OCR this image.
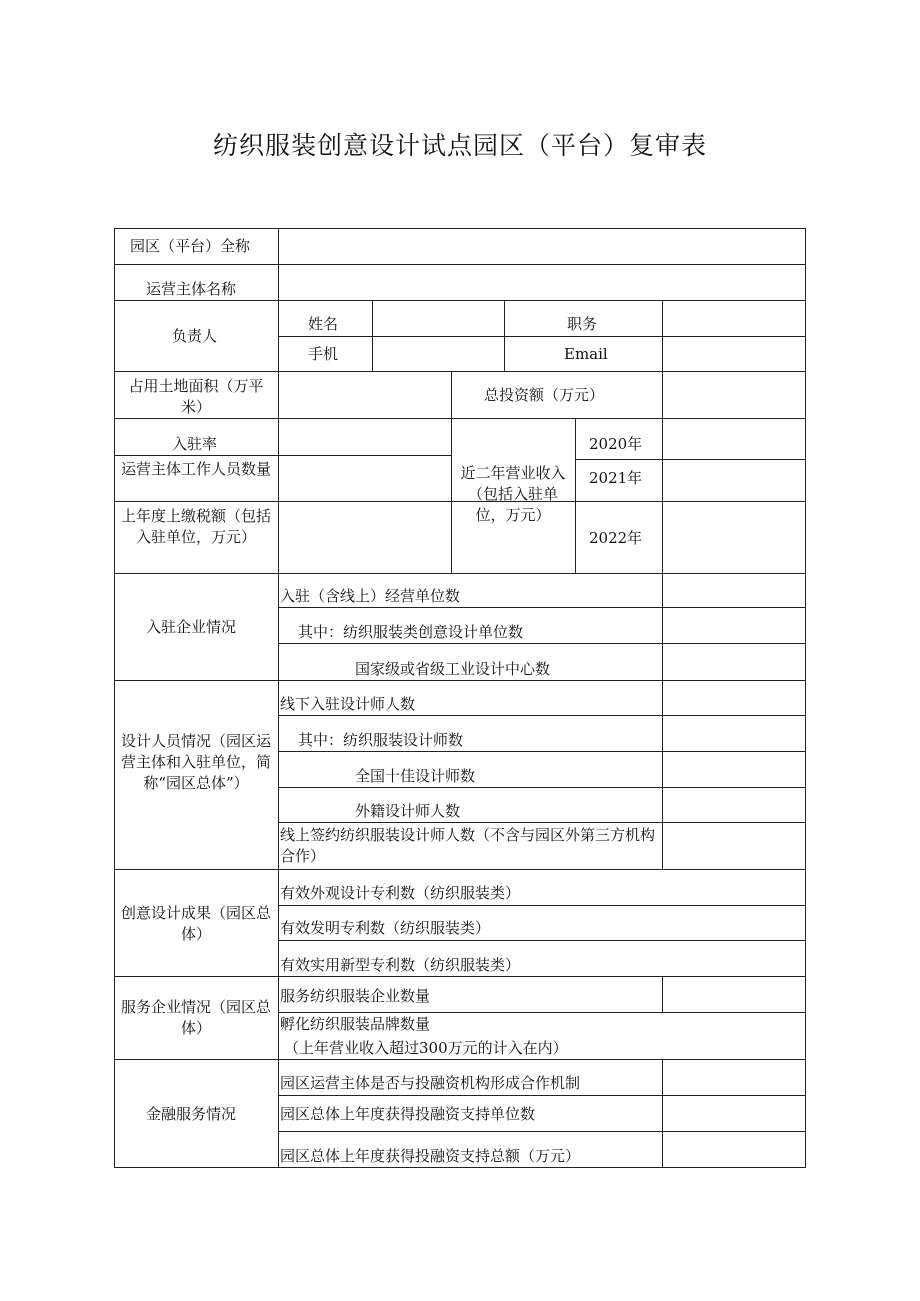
纺织服装创意设计试点园区（平台）复审表
园区（平台）全称
运营主体名称
负责人
姓名	职务
手机	Email
占用土地面积（万平米）
总投资额（万元）
入驻率
运营主体工作人员数量
上年度上缴税额（包括入驻单位，万元）
近二年营业收入（包括入驻单位，万元）
2020年
2021年
2022年
入驻企业情况
入驻（含线上）经营单位数
其中：纺织服装类创意设计单位数
国家级或省级工业设计中心数
设计人员情况（园区运营主体和入驻单位，简称“园区总体”）
线下入驻设计师人数
其中：纺织服装设计师数
全国十佳设计师数
外籍设计师人数
线上签约纺织服装设计师人数（不含与园区外第三方机构合作）
创意设计成果（园区总体）
有效外观设计专利数（纺织服装类）
有效发明专利数（纺织服装类）
有效实用新型专利数（纺织服装类）
服务企业情况（园区总体）
服务纺织服装企业数量
孵化纺织服装品牌数量
（上年营业收入超过300万元的计入在内）
金融服务情况
园区运营主体是否与投融资机构形成合作机制
园区总体上年度获得投融资支持单位数
园区总体上年度获得投融资支持总额（万元）
